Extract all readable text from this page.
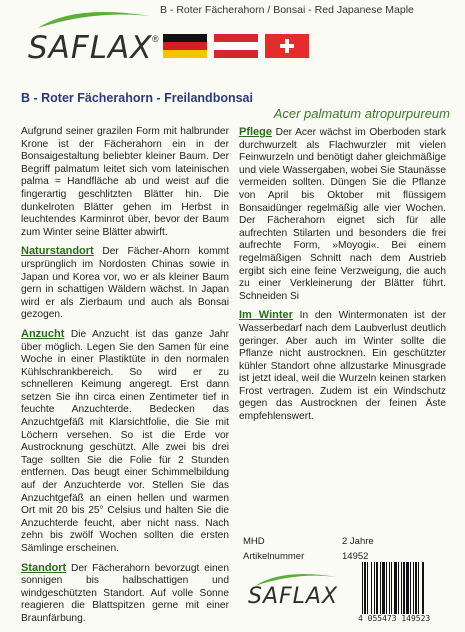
SAFLAX ®
B - Roter Fächerahorn / Bonsai - Red Japanese Maple
B - Roter Fächerahorn - Freilandbonsai
Acer palmatum atropurpureum

Aufgrund seiner grazilen Form mit halbrunder Krone ist der Fächerahorn ein in der Bonsaigestaltung beliebter kleiner Baum. Der Begriff palmatum leitet sich vom lateinischen palma = Handfläche ab und weist auf die fingerartig geschlitzten Blätter hin. Die dunkelroten Blätter gehen im Herbst in leuchtendes Karminrot über, bevor der Baum zum Winter seine Blätter abwirft.

Naturstandort Der Fächer-Ahorn kommt ursprünglich im Nordosten Chinas sowie in Japan und Korea vor, wo er als kleiner Baum gern in schattigen Wäldern wächst. In Japan wird er als Zierbaum und auch als Bonsai gezogen.

Anzucht Die Anzucht ist das ganze Jahr über möglich. Legen Sie den Samen für eine Woche in einer Plastiktüte in den normalen Kühlschrankbereich. So wird er zu schnelleren Keimung angeregt. Erst dann setzen Sie ihn circa einen Zentimeter tief in feuchte Anzuchterde. Bedecken das Anzuchtgefäß mit Klarsichtfolie, die Sie mit Löchern versehen. So ist die Erde vor Austrocknung geschützt. Alle zwei bis drei Tage sollten Sie die Folie für 2 Stunden entfernen. Das beugt einer Schimmelbildung auf der Anzuchterde vor. Stellen Sie das Anzuchtgefäß an einen hellen und warmen Ort mit 20 bis 25° Celsius und halten Sie die Anzuchterde feucht, aber nicht nass. Nach zehn bis zwölf Wochen sollten die ersten Sämlinge erscheinen.

Standort Der Fächerahorn bevorzugt einen sonnigen bis halbschattigen und windgeschützten Standort. Auf volle Sonne reagieren die Blattspitzen gerne mit einer Braunfärbung.

Pflege Der Acer wächst im Oberboden stark durchwurzelt als Flachwurzler mit vielen Feinwurzeln und benötigt daher gleichmäßige und viele Wassergaben, wobei Sie Staunässe vermeiden sollten. Düngen Sie die Pflanze von April bis Oktober mit flüssigem Bonsaidünger regelmäßig alle vier Wochen. Der Fächerahorn eignet sich für alle aufrechten Stilarten und besonders die frei aufrechte Form, »Moyogi«. Bei einem regelmäßigen Schnitt nach dem Austrieb ergibt sich eine feine Verzweigung, die auch zu einer Verkleinerung der Blätter führt. Schneiden Si

Im Winter In den Wintermonaten ist der Wasserbedarf nach dem Laubverlust deutlich geringer. Aber auch im Winter sollte die Pflanze nicht austrocknen. Ein geschützter kühler Standort ohne allzustarke Minusgrade ist jetzt ideal, weil die Wurzeln keinen starken Frost vertragen. Zudem ist ein Windschutz gegen das Austrocknen der feinen Äste empfehlenswert.

MHD	2 Jahre
Artikelnummer	14952
SAFLAX
4 055473 149523
